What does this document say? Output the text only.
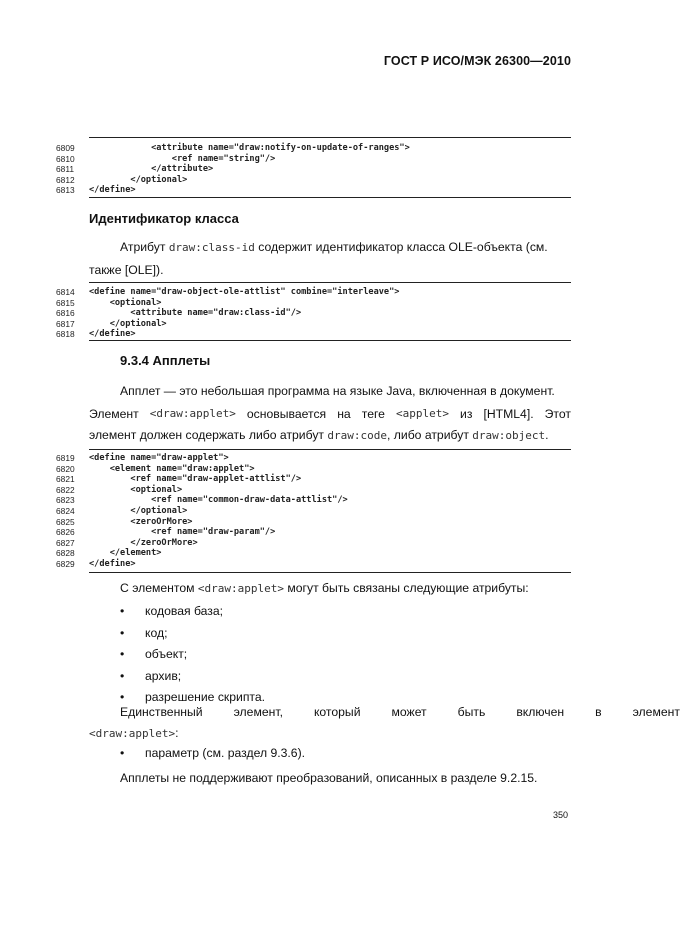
ГОСТ Р ИСО/МЭК 26300—2010
6809	<attribute name="draw:notify-on-update-of-ranges">
6810	<ref name="string"/>
6811	</attribute>
6812	</optional>
6813	</define>
Идентификатор класса
Атрибут draw:class-id содержит идентификатор класса OLE-объекта (см.
также [OLE]).
6814	<define name="draw-object-ole-attlist" combine="interleave">
6815	<optional>
6816	<attribute name="draw:class-id"/>
6817	</optional>
6818	</define>
9.3.4 Апплеты
Апплет — это небольшая программа на языке Java, включенная в документ.
Элемент <draw:applet> основывается на теге <applet> из [HTML4]. Этот
элемент должен содержать либо атрибут draw:code, либо атрибут draw:object.
6819	<define name="draw-applet">
6820	<element name="draw:applet">
6821	<ref name="draw-applet-attlist"/>
6822	<optional>
6823	<ref name="common-draw-data-attlist"/>
6824	</optional>
6825	<zeroOrMore>
6826	<ref name="draw-param"/>
6827	</zeroOrMore>
6828	</element>
6829	</define>
С элементом <draw:applet> могут быть связаны следующие атрибуты:
• кодовая база;
• код;
• объект;
• архив;
• разрешение скрипта.
Единственный	элемент,	который	может	быть	включен	в	элемент
<draw:applet>:
• параметр (см. раздел 9.3.6).
Апплеты не поддерживают преобразований, описанных в разделе 9.2.15.
350
